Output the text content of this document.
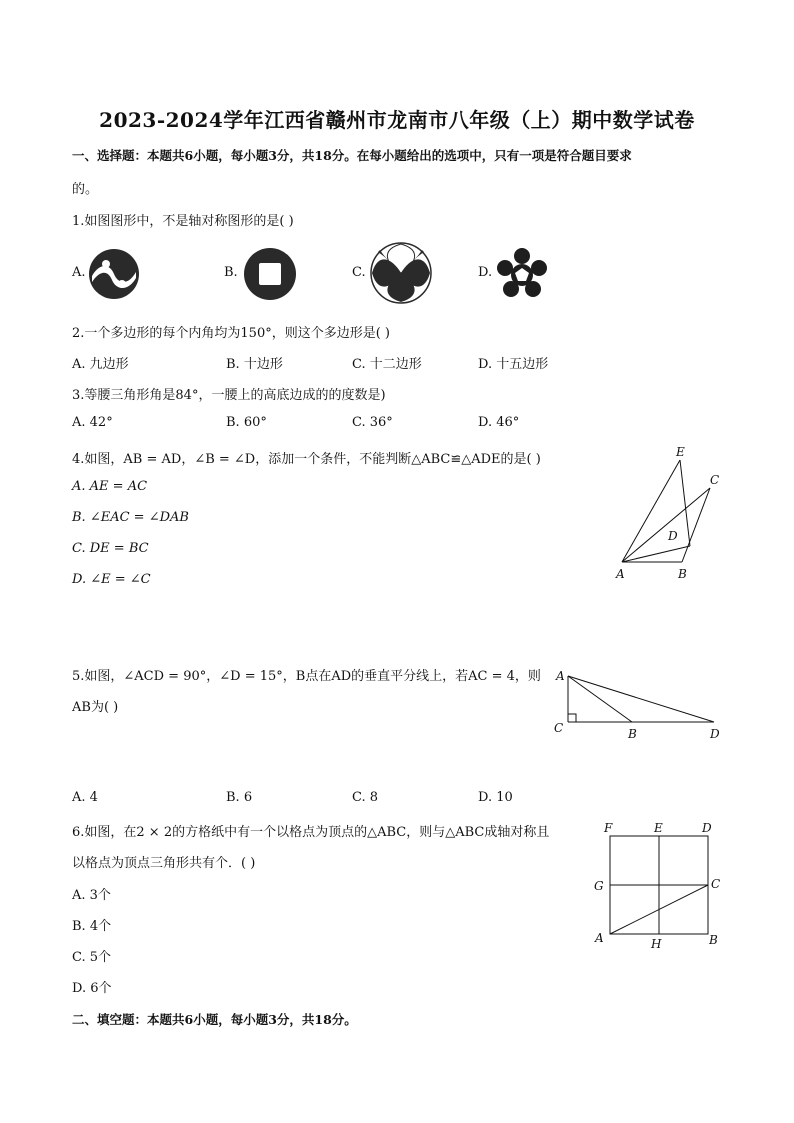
2023-2024学年江西省赣州市龙南市八年级（上）期中数学试卷
一、选择题：本题共6小题，每小题3分，共18分。在每小题给出的选项中，只有一项是符合题目要求
的。
1.如图图形中，不是轴对称图形的是( )
A.	B.	C.	D.
2.一个多边形的每个内角均为150°，则这个多边形是( )
A. 九边形	B. 十边形	C. 十二边形	D. 十五边形
3.等腰三角形角是84°，一腰上的高底边成的的度数是)
A. 42°	B. 60°	C. 36°	D. 46°
4.如图，AB = AD，∠B = ∠D，添加一个条件，不能判断△ABC≌△ADE的是( )
A. AE = AC
B. ∠EAC = ∠DAB
C. DE = BC
D. ∠E = ∠C
E
C
D
A	B
5.如图，∠ACD = 90°，∠D = 15°，B点在AD的垂直平分线上，若AC = 4，则
AB为( )
A
C	B	D
A. 4	B. 6	C. 8	D. 10
6.如图，在2 × 2的方格纸中有一个以格点为顶点的△ABC，则与△ABC成轴对称且
以格点为顶点三角形共有个．( )
A. 3个
B. 4个
C. 5个
D. 6个
F	E	D
G	C
A	H	B
二、填空题：本题共6小题，每小题3分，共18分。
